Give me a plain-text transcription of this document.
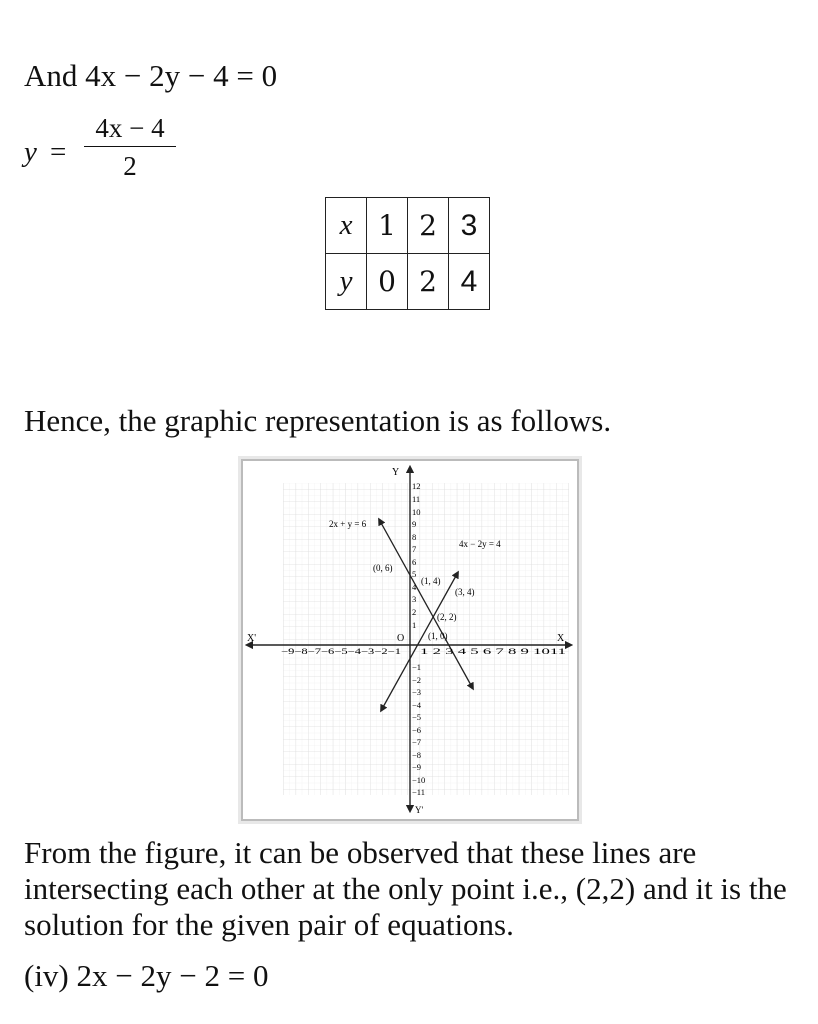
And 4x − 2y − 4 = 0
y =
4x − 4
2
x	1	2	3
y	0	2	4
Hence, the graphic representation is as follows.
X'	X
Y
Y'
O
−9−8−7−6−5−4−3−2−1 1 2 3 4 5 6 7 8 9 1011
12
11
10
9
8
7
6
5
4
3
2
1
−1
−2
−3
−4
−5
−6
−7
−8
−9
−10
−11
2x + y = 6
4x − 2y = 4
(0, 6)
(1, 4)
(3, 4)
(2, 2)
(1, 0)
From the figure, it can be observed that these lines are intersecting each other at the only point i.e., (2,2) and it is the solution for the given pair of equations.
(iv) 2x − 2y − 2 = 0
